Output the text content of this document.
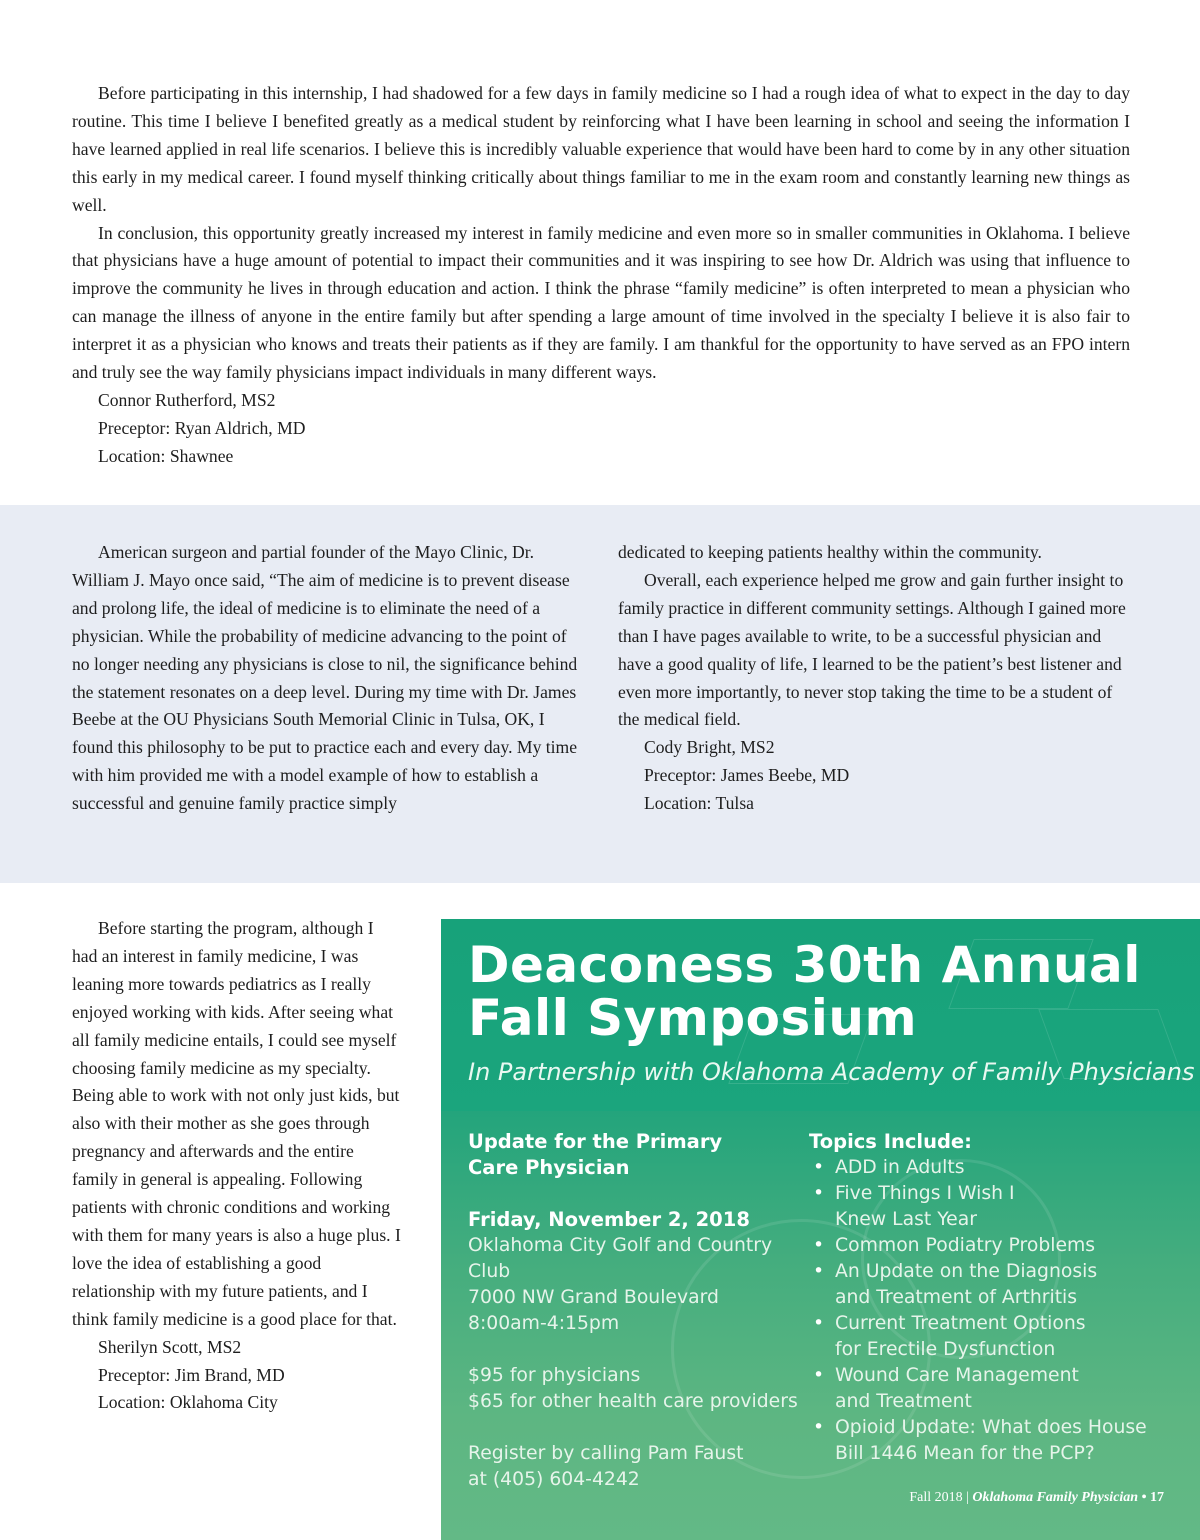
Before participating in this internship, I had shadowed for a few days in family medicine so I had a rough idea of what to expect in the day to day routine. This time I believe I benefited greatly as a medical student by reinforcing what I have been learning in school and seeing the information I have learned applied in real life scenarios. I believe this is incredibly valuable experience that would have been hard to come by in any other situation this early in my medical career. I found myself thinking critically about things familiar to me in the exam room and constantly learning new things as well.

In conclusion, this opportunity greatly increased my interest in family medicine and even more so in smaller communities in Oklahoma. I believe that physicians have a huge amount of potential to impact their communities and it was inspiring to see how Dr. Aldrich was using that influence to improve the community he lives in through education and action. I think the phrase “family medicine” is often interpreted to mean a physician who can manage the illness of anyone in the entire family but after spending a large amount of time involved in the specialty I believe it is also fair to interpret it as a physician who knows and treats their patients as if they are family. I am thankful for the opportunity to have served as an FPO intern and truly see the way family physicians impact individuals in many different ways.

Connor Rutherford, MS2

Preceptor: Ryan Aldrich, MD

Location: Shawnee

American surgeon and partial founder of the Mayo Clinic, Dr. William J. Mayo once said, “The aim of medicine is to prevent disease and prolong life, the ideal of medicine is to eliminate the need of a physician. While the probability of medicine advancing to the point of no longer needing any physicians is close to nil, the significance behind the statement resonates on a deep level. During my time with Dr. James Beebe at the OU Physicians South Memorial Clinic in Tulsa, OK, I found this philosophy to be put to practice each and every day. My time with him provided me with a model example of how to establish a successful and genuine family practice simply

dedicated to keeping patients healthy within the community.

Overall, each experience helped me grow and gain further insight to family practice in different community settings. Although I gained more than I have pages available to write, to be a successful physician and have a good quality of life, I learned to be the patient’s best listener and even more importantly, to never stop taking the time to be a student of the medical field.

Cody Bright, MS2

Preceptor: James Beebe, MD

Location: Tulsa

Before starting the program, although I had an interest in family medicine, I was leaning more towards pediatrics as I really enjoyed working with kids. After seeing what all family medicine entails, I could see myself choosing family medicine as my specialty. Being able to work with not only just kids, but also with their mother as she goes through pregnancy and afterwards and the entire family in general is appealing. Following patients with chronic conditions and working with them for many years is also a huge plus. I love the idea of establishing a good relationship with my future patients, and I think family medicine is a good place for that.

Sherilyn Scott, MS2

Preceptor: Jim Brand, MD

Location: Oklahoma City

Deaconess 30th Annual
Fall Symposium
In Partnership with Oklahoma Academy of Family Physicians
Update for the Primary
Care Physician
Friday, November 2, 2018
Oklahoma City Golf and Country Club
7000 NW Grand Boulevard
8:00am-4:15pm
$95 for physicians
$65 for other health care providers
Register by calling Pam Faust
at (405) 604-4242
Topics Include:
• ADD in Adults
• Five Things I Wish I Knew Last Year
• Common Podiatry Problems
• An Update on the Diagnosis and Treatment of Arthritis
• Current Treatment Options for Erectile Dysfunction
• Wound Care Management and Treatment
• Opioid Update: What does House Bill 1446 Mean for the PCP?
Fall 2018 | Oklahoma Family Physician • 17
